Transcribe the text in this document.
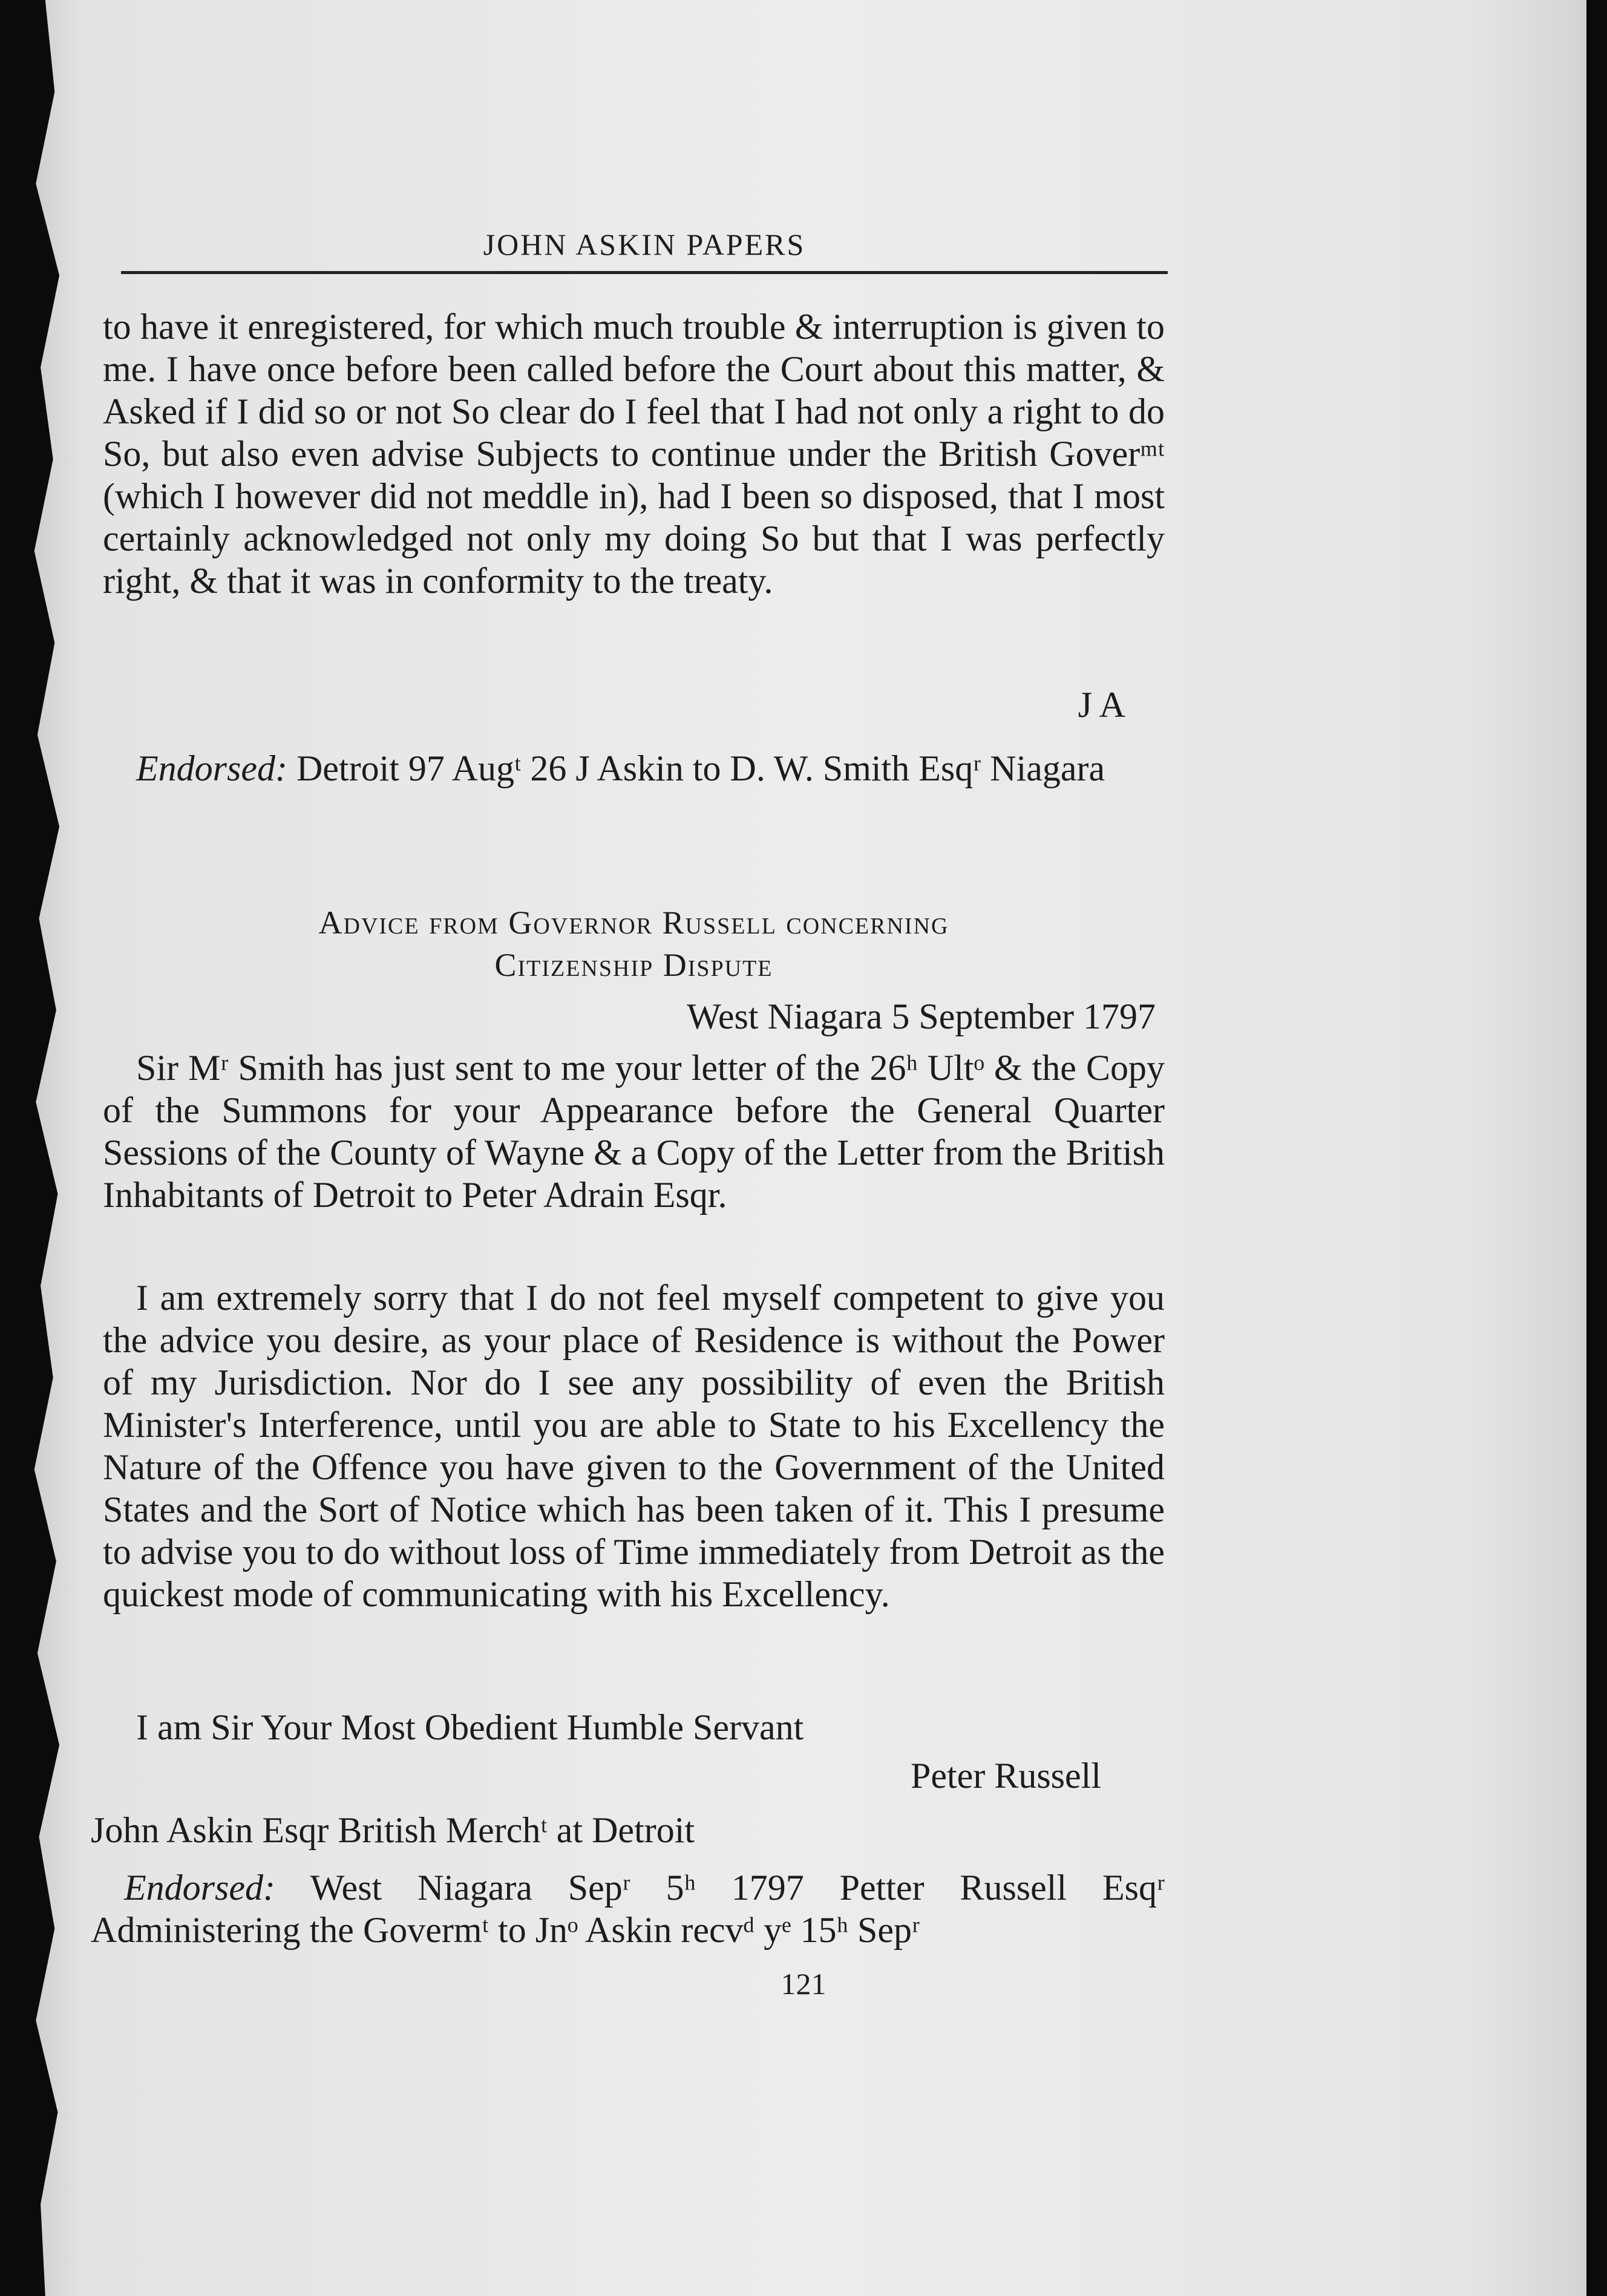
JOHN ASKIN PAPERS
to have it enregistered, for which much trouble & interruption is given to me. I have once before been called before the Court about this matter, & Asked if I did so or not So clear do I feel that I had not only a right to do So, but also even advise Subjects to continue under the British Goverᵐᵗ (which I however did not meddle in), had I been so disposed, that I most certainly acknowledged not only my doing So but that I was perfectly right, & that it was in conformity to the treaty.
J A
Endorsed: Detroit 97 Augᵗ 26 J Askin to D. W. Smith Esqʳ Niagara
Advice from Governor Russell concerning
Citizenship Dispute
West Niagara 5 September 1797
Sir Mʳ Smith has just sent to me your letter of the 26ʰ Ultᵒ & the Copy of the Summons for your Appearance before the General Quarter Sessions of the County of Wayne & a Copy of the Letter from the British Inhabitants of Detroit to Peter Adrain Esqr.
I am extremely sorry that I do not feel myself competent to give you the advice you desire, as your place of Residence is without the Power of my Jurisdiction. Nor do I see any possibility of even the British Minister's Interference, until you are able to State to his Excellency the Nature of the Offence you have given to the Government of the United States and the Sort of Notice which has been taken of it. This I presume to advise you to do without loss of Time immediately from Detroit as the quickest mode of communicating with his Excellency.
I am Sir Your Most Obedient Humble Servant
Peter Russell
John Askin Esqr British Merchᵗ at Detroit
Endorsed: West Niagara Sepʳ 5ʰ 1797 Petter Russell Esqʳ Administering the Govermᵗ to Jnᵒ Askin recvᵈ yᵉ 15ʰ Sepʳ
121
